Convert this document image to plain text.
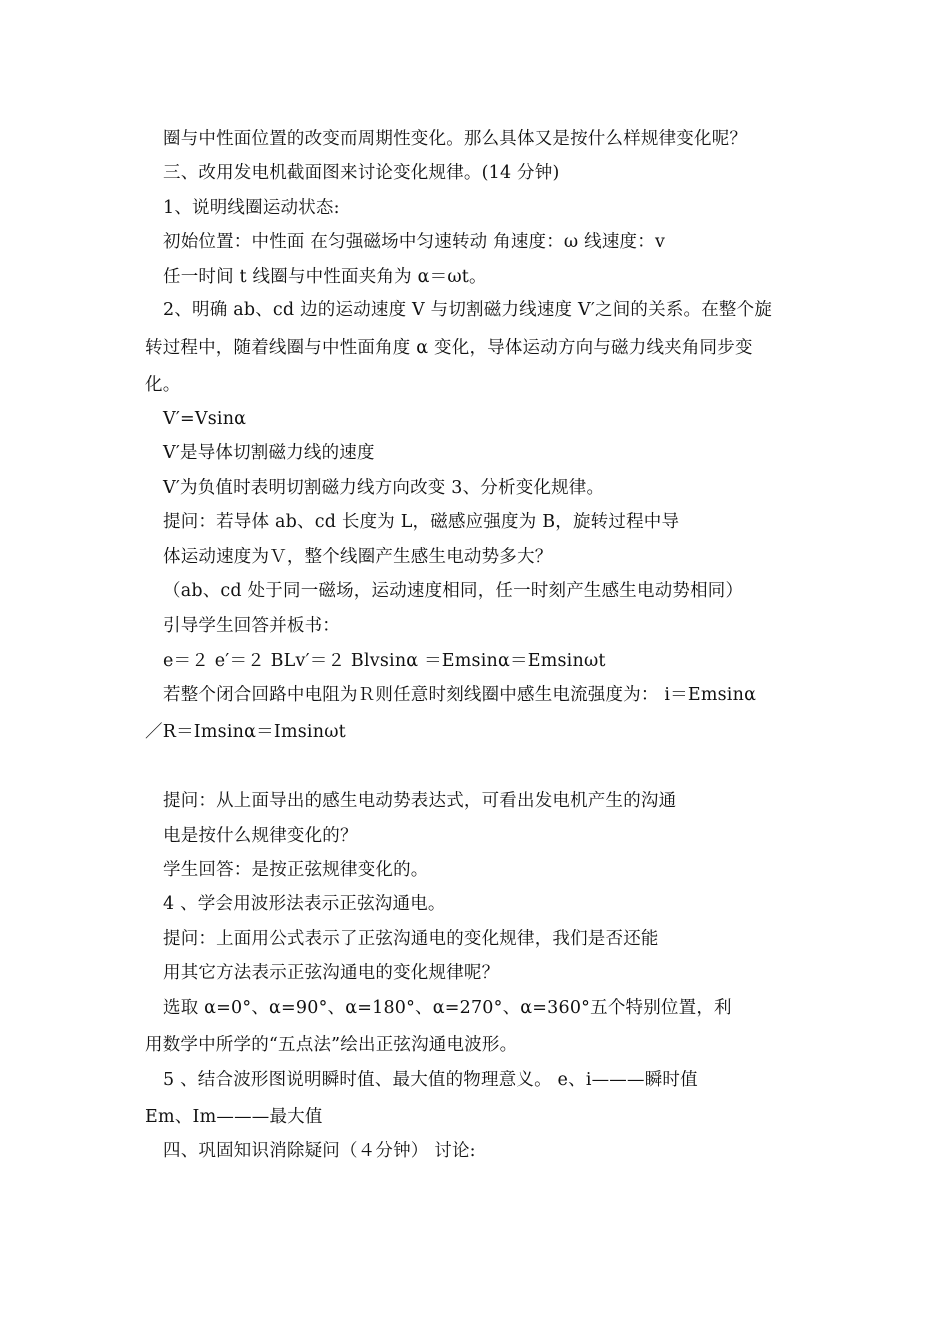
圈与中性面位置的改变而周期性变化。那么具体又是按什么样规律变化呢？
三、改用发电机截面图来讨论变化规律。(14 分钟)
1、说明线圈运动状态:
初始位置：中性面 在匀强磁场中匀速转动 角速度：ω 线速度：v
任一时间 t 线圈与中性面夹角为 α＝ωt。
2、明确 ab、cd 边的运动速度 V 与切割磁力线速度 V′之间的关系。在整个旋
转过程中，随着线圈与中性面角度 α 变化，导体运动方向与磁力线夹角同步变
化。
V′=Vsinα
V′是导体切割磁力线的速度
V′为负值时表明切割磁力线方向改变 3、分析变化规律。
提问：若导体 ab、cd 长度为 L，磁感应强度为 B，旋转过程中导
体运动速度为Ｖ，整个线圈产生感生电动势多大？
（ab、cd 处于同一磁场，运动速度相同，任一时刻产生感生电动势相同）
引导学生回答并板书：
e＝２ e′＝２ BLv′＝２ Blvsinα ＝Emsinα＝Emsinωt
若整个闭合回路中电阻为Ｒ则任意时刻线圈中感生电流强度为： i＝Emsinα
／R＝Imsinα＝Imsinωt
提问：从上面导出的感生电动势表达式，可看出发电机产生的沟通
电是按什么规律变化的？
学生回答：是按正弦规律变化的。
4 、学会用波形法表示正弦沟通电。
提问：上面用公式表示了正弦沟通电的变化规律，我们是否还能
用其它方法表示正弦沟通电的变化规律呢？
选取 α=0°、α=90°、α=180°、α=270°、α=360°五个特别位置，利
用数学中所学的“五点法”绘出正弦沟通电波形。
5 、结合波形图说明瞬时值、最大值的物理意义。 e、i———瞬时值
Em、Im———最大值
四、巩固知识消除疑问（４分钟） 讨论:
